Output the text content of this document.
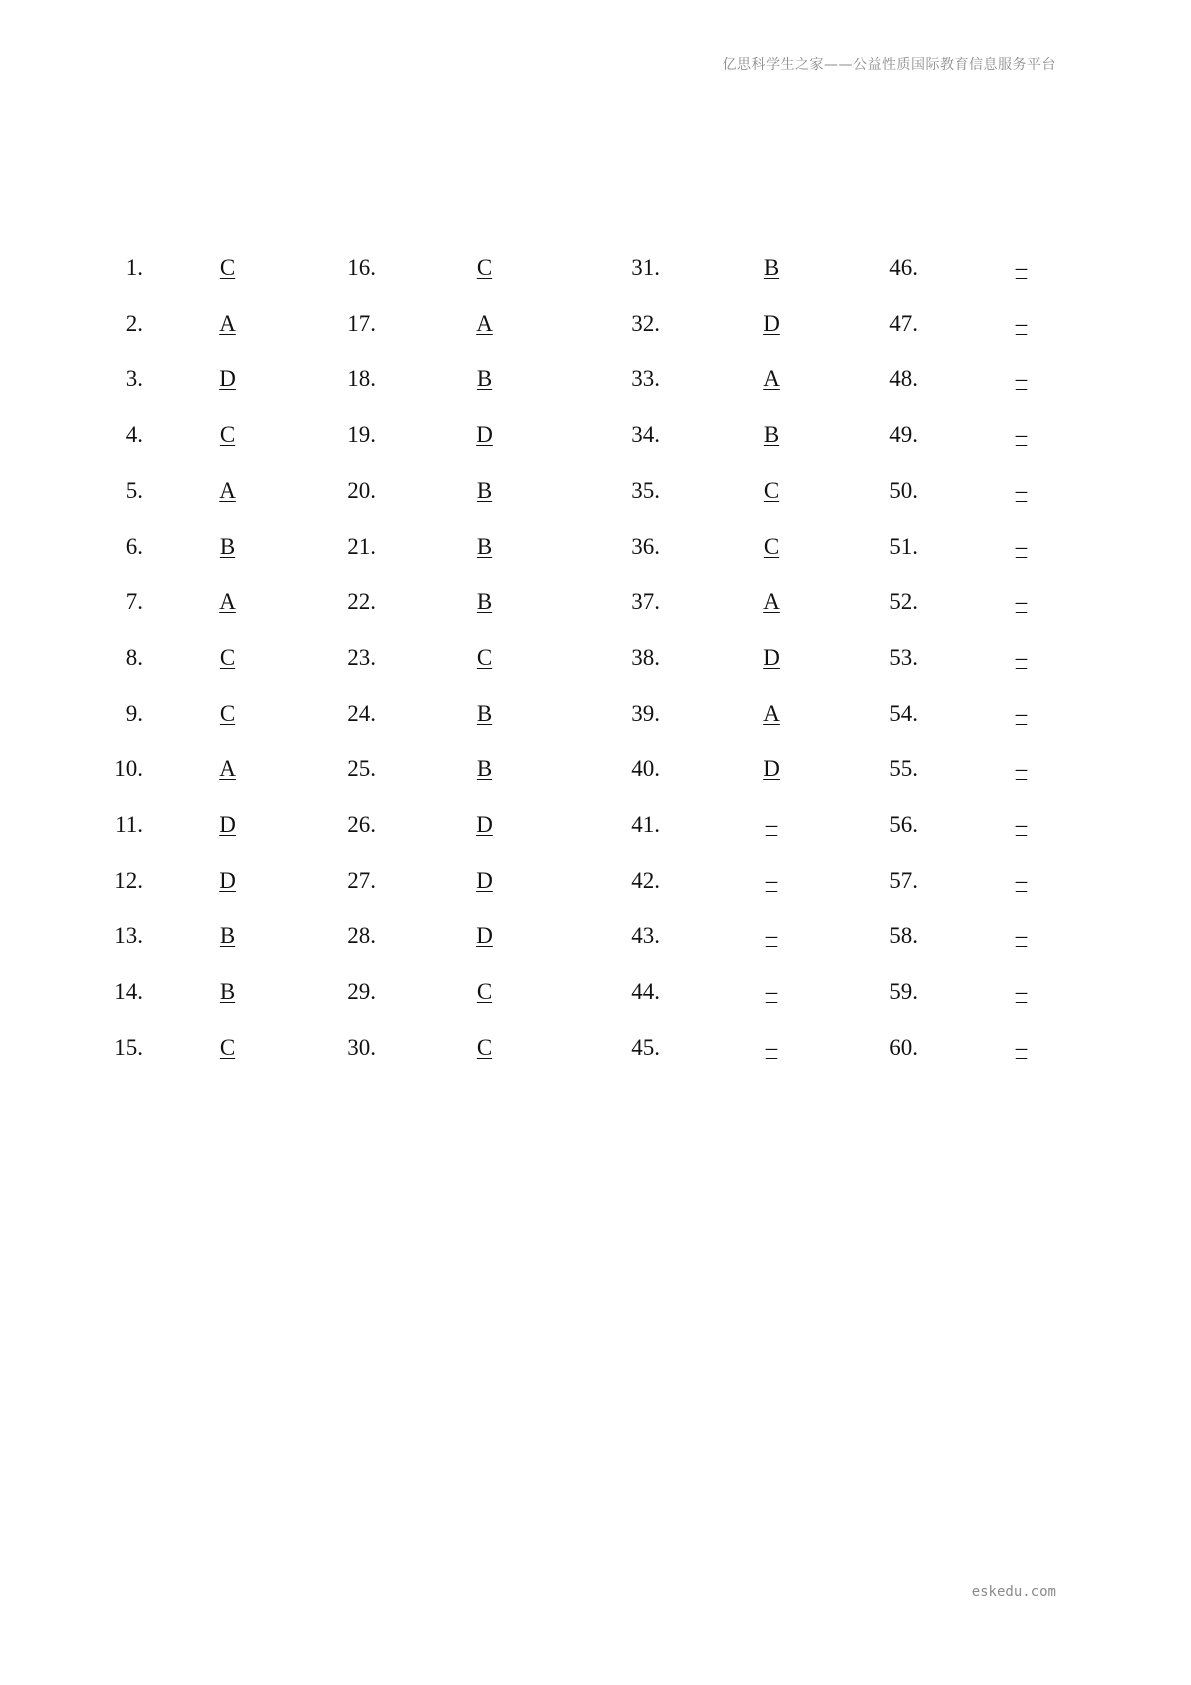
亿思科学生之家——公益性质国际教育信息服务平台
1.	C
2.	A
3.	D
4.	C
5.	A
6.	B
7.	A
8.	C
9.	C
10.	A
11.	D
12.	D
13.	B
14.	B
15.	C
16.	C
17.	A
18.	B
19.	D
20.	B
21.	B
22.	B
23.	C
24.	B
25.	B
26.	D
27.	D
28.	D
29.	C
30.	C
31.	B
32.	D
33.	A
34.	B
35.	C
36.	C
37.	A
38.	D
39.	A
40.	D
41.	–
42.	–
43.	–
44.	–
45.	–
46.	–
47.	–
48.	–
49.	–
50.	–
51.	–
52.	–
53.	–
54.	–
55.	–
56.	–
57.	–
58.	–
59.	–
60.	–
eskedu.com
